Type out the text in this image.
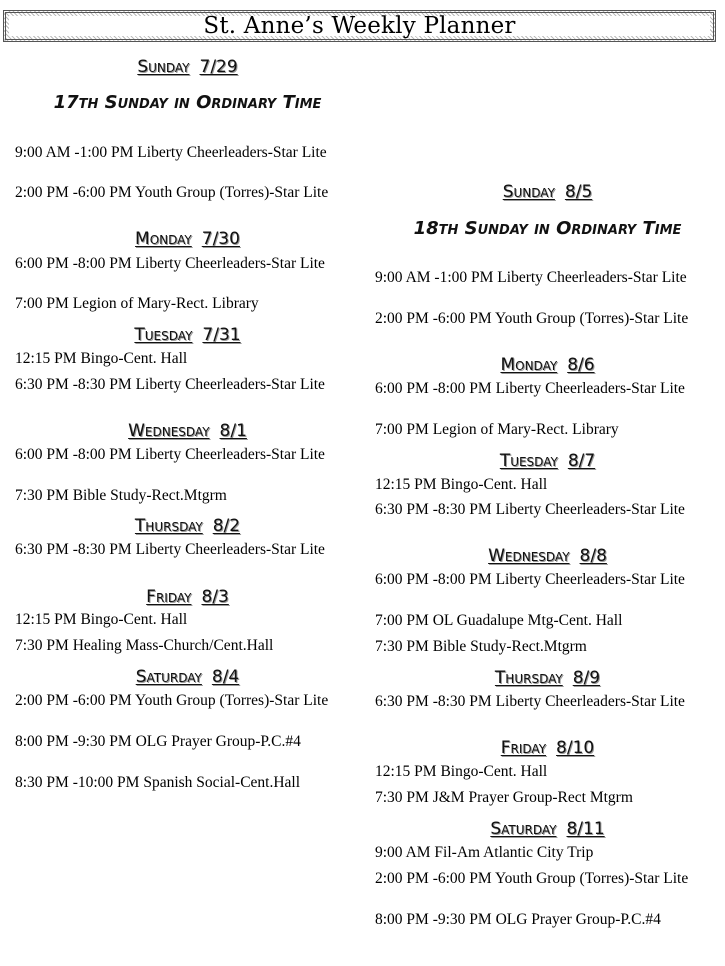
St. Anne’s Weekly Planner
Sunday 7/29
17th Sunday in Ordinary Time
9:00 AM -1:00 PM Liberty Cheerleaders-Star Lite
2:00 PM -6:00 PM Youth Group (Torres)-Star Lite
Monday 7/30
6:00 PM -8:00 PM Liberty Cheerleaders-Star Lite
7:00 PM Legion of Mary-Rect. Library
Tuesday 7/31
12:15 PM Bingo-Cent. Hall
6:30 PM -8:30 PM Liberty Cheerleaders-Star Lite
Wednesday 8/1
6:00 PM -8:00 PM Liberty Cheerleaders-Star Lite
7:30 PM Bible Study-Rect.Mtgrm
Thursday 8/2
6:30 PM -8:30 PM Liberty Cheerleaders-Star Lite
Friday 8/3
12:15 PM Bingo-Cent. Hall
7:30 PM Healing Mass-Church/Cent.Hall
Saturday 8/4
2:00 PM -6:00 PM Youth Group (Torres)-Star Lite
8:00 PM -9:30 PM OLG Prayer Group-P.C.#4
8:30 PM -10:00 PM Spanish Social-Cent.Hall
Sunday 8/5
18th Sunday in Ordinary Time
9:00 AM -1:00 PM Liberty Cheerleaders-Star Lite
2:00 PM -6:00 PM Youth Group (Torres)-Star Lite
Monday 8/6
6:00 PM -8:00 PM Liberty Cheerleaders-Star Lite
7:00 PM Legion of Mary-Rect. Library
Tuesday 8/7
12:15 PM Bingo-Cent. Hall
6:30 PM -8:30 PM Liberty Cheerleaders-Star Lite
Wednesday 8/8
6:00 PM -8:00 PM Liberty Cheerleaders-Star Lite
7:00 PM OL Guadalupe Mtg-Cent. Hall
7:30 PM Bible Study-Rect.Mtgrm
Thursday 8/9
6:30 PM -8:30 PM Liberty Cheerleaders-Star Lite
Friday 8/10
12:15 PM Bingo-Cent. Hall
7:30 PM J&M Prayer Group-Rect Mtgrm
Saturday 8/11
9:00 AM Fil-Am Atlantic City Trip
2:00 PM -6:00 PM Youth Group (Torres)-Star Lite
8:00 PM -9:30 PM OLG Prayer Group-P.C.#4
